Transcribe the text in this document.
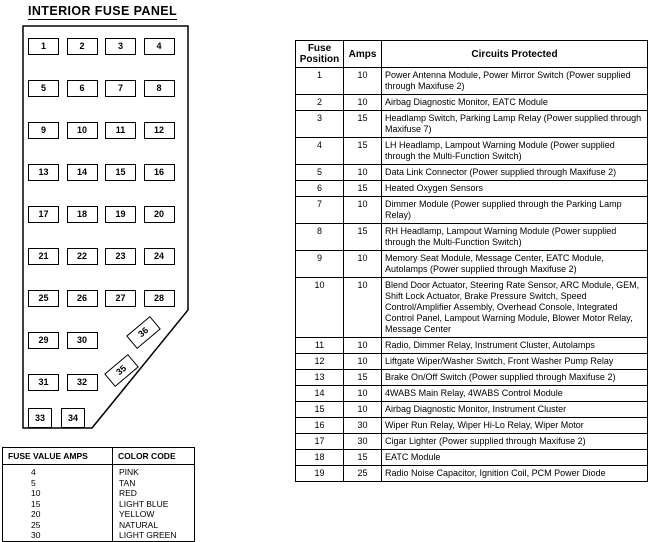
INTERIOR FUSE PANEL
1	2	3	4
5	6	7	8
9	10	11	12
13	14	15	16
17	18	19	20
21	22	23	24
25	26	27	28
29	30
31	32
33	34
36
35
FUSE VALUE AMPS	COLOR CODE
4	PINK
5	TAN
10	RED
15	LIGHT BLUE
20	YELLOW
25	NATURAL
30	LIGHT GREEN
Fuse Position	Amps	Circuits Protected
1	10	Power Antenna Module, Power Mirror Switch (Power supplied through Maxifuse 2)
2	10	Airbag Diagnostic Monitor, EATC Module
3	15	Headlamp Switch, Parking Lamp Relay (Power supplied through Maxifuse 7)
4	15	LH Headlamp, Lampout Warning Module (Power supplied through the Multi-Function Switch)
5	10	Data Link Connector (Power supplied through Maxifuse 2)
6	15	Heated Oxygen Sensors
7	10	Dimmer Module (Power supplied through the Parking Lamp Relay)
8	15	RH Headlamp, Lampout Warning Module (Power supplied through the Multi-Function Switch)
9	10	Memory Seat Module, Message Center, EATC Module, Autolamps (Power supplied through Maxifuse 2)
10	10	Blend Door Actuator, Steering Rate Sensor, ARC Module, GEM, Shift Lock Actuator, Brake Pressure Switch, Speed Control/Amplifier Assembly, Overhead Console, Integrated Control Panel, Lampout Warning Module, Blower Motor Relay, Message Center
11	10	Radio, Dimmer Relay, Instrument Cluster, Autolamps
12	10	Liftgate Wiper/Washer Switch, Front Washer Pump Relay
13	15	Brake On/Off Switch (Power supplied through Maxifuse 2)
14	10	4WABS Main Relay, 4WABS Control Module
15	10	Airbag Diagnostic Monitor, Instrument Cluster
16	30	Wiper Run Relay, Wiper Hi-Lo Relay, Wiper Motor
17	30	Cigar Lighter (Power supplied through Maxifuse 2)
18	15	EATC Module
19	25	Radio Noise Capacitor, Ignition Coil, PCM Power Diode
